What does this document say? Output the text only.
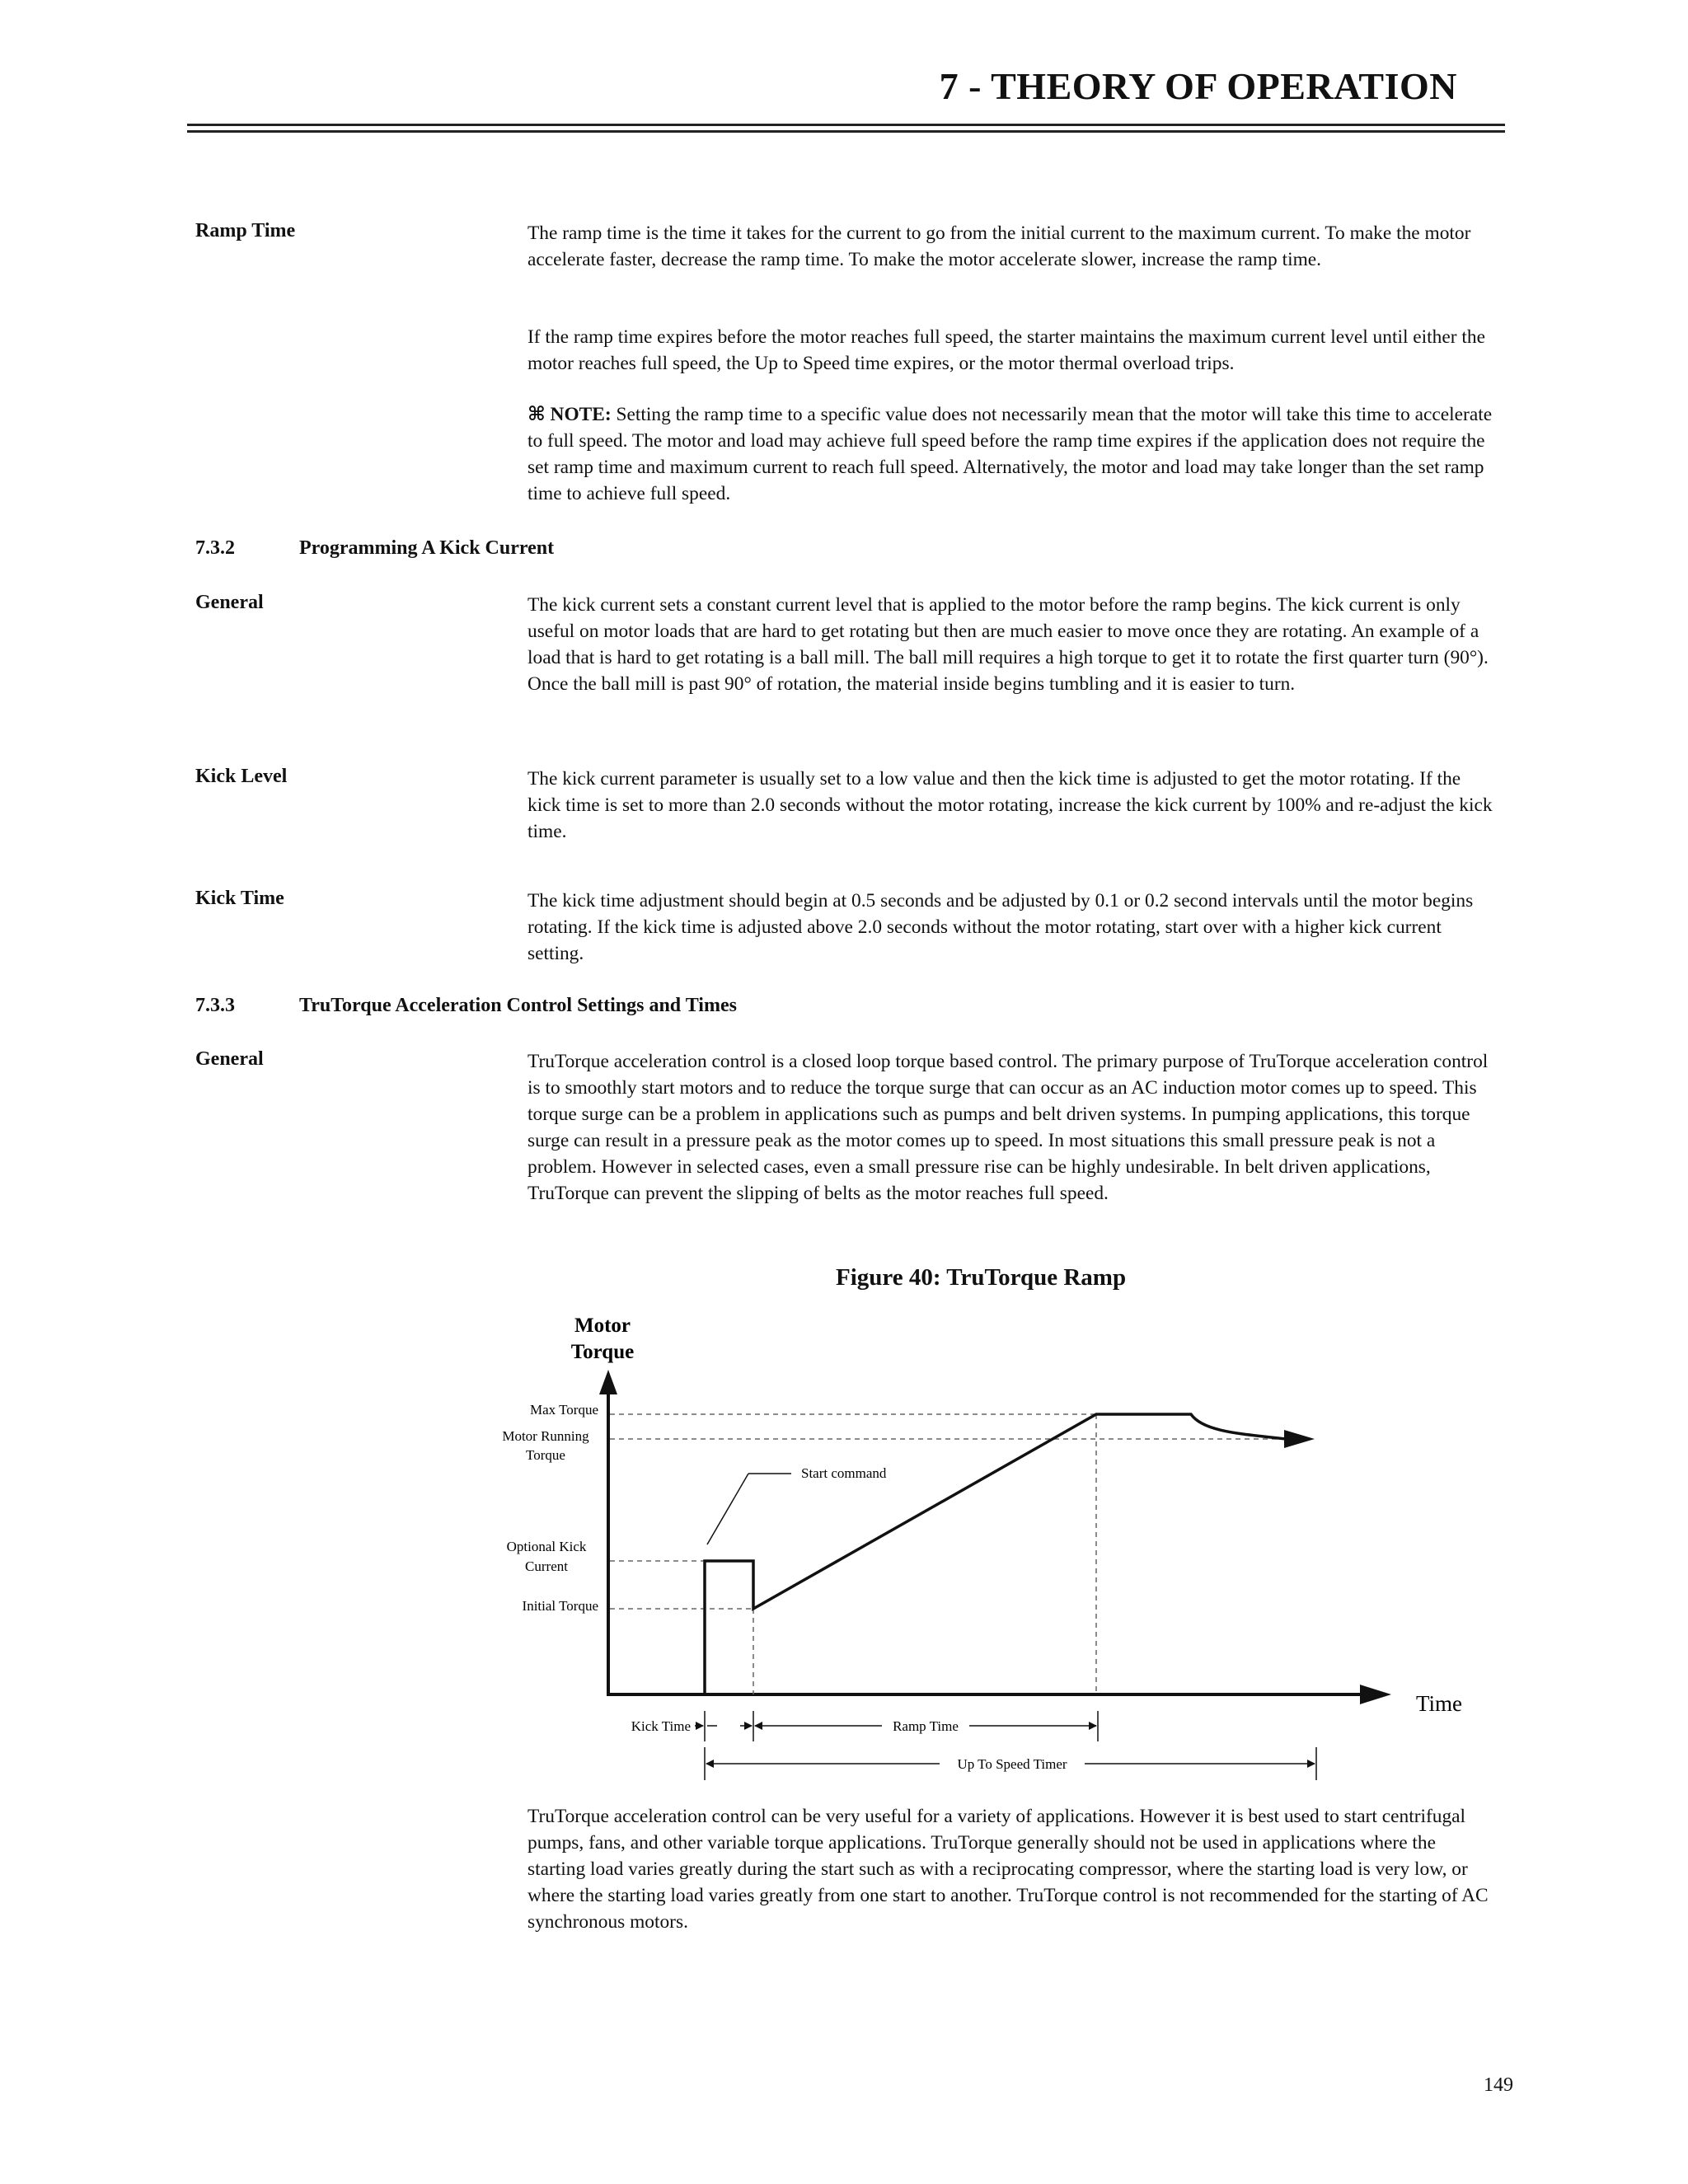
7 - THEORY OF OPERATION
Ramp Time	The ramp time is the time it takes for the current to go from the initial current to the maximum current. To make the motor accelerate faster, decrease the ramp time. To make the motor accelerate slower, increase the ramp time.

If the ramp time expires before the motor reaches full speed, the starter maintains the maximum current level until either the motor reaches full speed, the Up to Speed time expires, or the motor thermal overload trips.

⌘ NOTE: Setting the ramp time to a specific value does not necessarily mean that the motor will take this time to accelerate to full speed. The motor and load may achieve full speed before the ramp time expires if the application does not require the set ramp time and maximum current to reach full speed. Alternatively, the motor and load may take longer than the set ramp time to achieve full speed.

7.3.2	Programming A Kick Current
General	The kick current sets a constant current level that is applied to the motor before the ramp begins. The kick current is only useful on motor loads that are hard to get rotating but then are much easier to move once they are rotating. An example of a load that is hard to get rotating is a ball mill. The ball mill requires a high torque to get it to rotate the first quarter turn (90°). Once the ball mill is past 90° of rotation, the material inside begins tumbling and it is easier to turn.

Kick Level	The kick current parameter is usually set to a low value and then the kick time is adjusted to get the motor rotating. If the kick time is set to more than 2.0 seconds without the motor rotating, increase the kick current by 100% and re-adjust the kick time.

Kick Time	The kick time adjustment should begin at 0.5 seconds and be adjusted by 0.1 or 0.2 second intervals until the motor begins rotating. If the kick time is adjusted above 2.0 seconds without the motor rotating, start over with a higher kick current setting.

7.3.3	TruTorque Acceleration Control Settings and Times
General	TruTorque acceleration control is a closed loop torque based control. The primary purpose of TruTorque acceleration control is to smoothly start motors and to reduce the torque surge that can occur as an AC induction motor comes up to speed. This torque surge can be a problem in applications such as pumps and belt driven systems. In pumping applications, this torque surge can result in a pressure peak as the motor comes up to speed. In most situations this small pressure peak is not a problem. However in selected cases, even a small pressure rise can be highly undesirable. In belt driven applications, TruTorque can prevent the slipping of belts as the motor reaches full speed.

Figure 40: TruTorque Ramp
Motor
Torque
Time
Max Torque
Motor Running
Torque
Optional Kick
Current
Initial Torque
Start command
Kick Time	Ramp Time
Up To Speed Timer

TruTorque acceleration control can be very useful for a variety of applications. However it is best used to start centrifugal pumps, fans, and other variable torque applications. TruTorque generally should not be used in applications where the starting load varies greatly during the start such as with a reciprocating compressor, where the starting load is very low, or where the starting load varies greatly from one start to another. TruTorque control is not recommended for the starting of AC synchronous motors.

149
